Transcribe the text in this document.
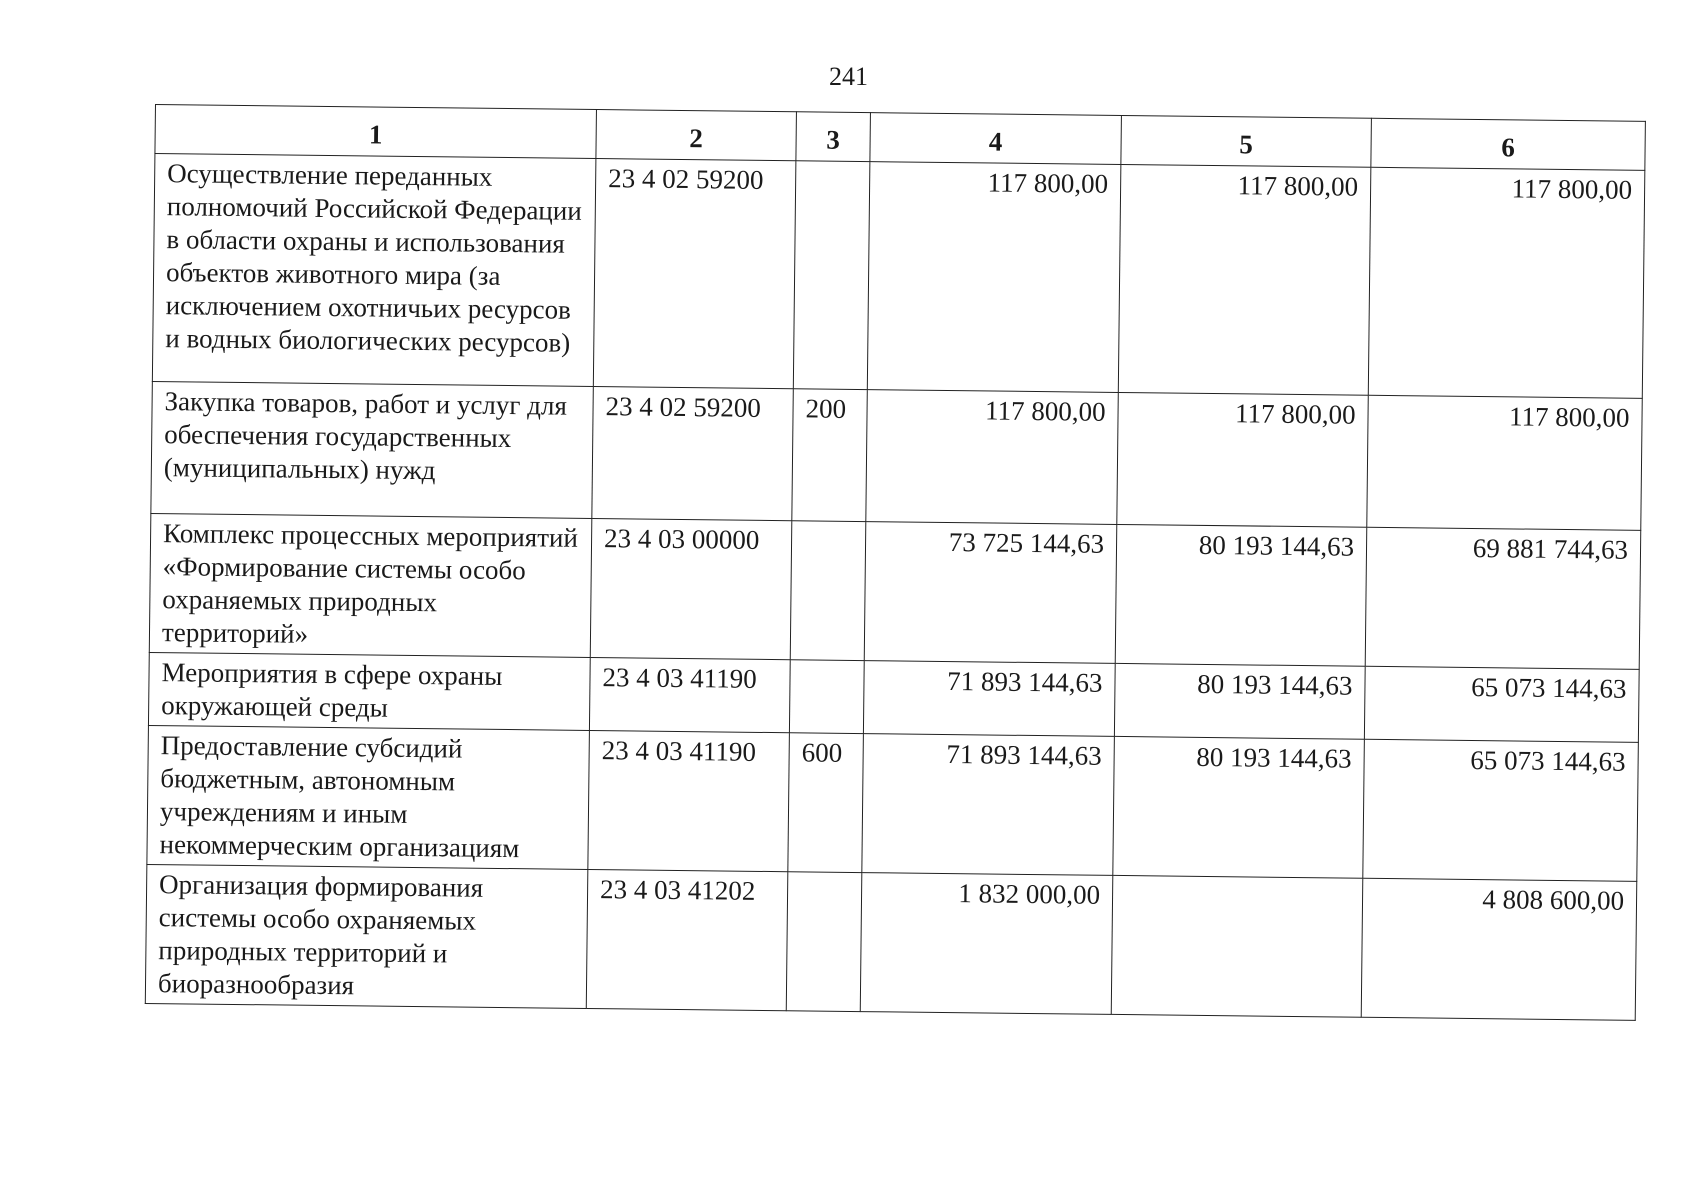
241
1	2	3	4	5	6
Осуществление переданных полномочий Российской Федерации в области охраны и использования объектов животного мира (за исключением охотничьих ресурсов и водных биологических ресурсов)	23 4 02 59200		117 800,00	117 800,00	117 800,00
Закупка товаров, работ и услуг для обеспечения государственных (муниципальных) нужд	23 4 02 59200	200	117 800,00	117 800,00	117 800,00
Комплекс процессных мероприятий «Формирование системы особо охраняемых природных территорий»	23 4 03 00000		73 725 144,63	80 193 144,63	69 881 744,63
Мероприятия в сфере охраны окружающей среды	23 4 03 41190		71 893 144,63	80 193 144,63	65 073 144,63
Предоставление субсидий бюджетным, автономным учреждениям и иным некоммерческим организациям	23 4 03 41190	600	71 893 144,63	80 193 144,63	65 073 144,63
Организация формирования системы особо охраняемых природных территорий и биоразнообразия	23 4 03 41202		1 832 000,00		4 808 600,00
